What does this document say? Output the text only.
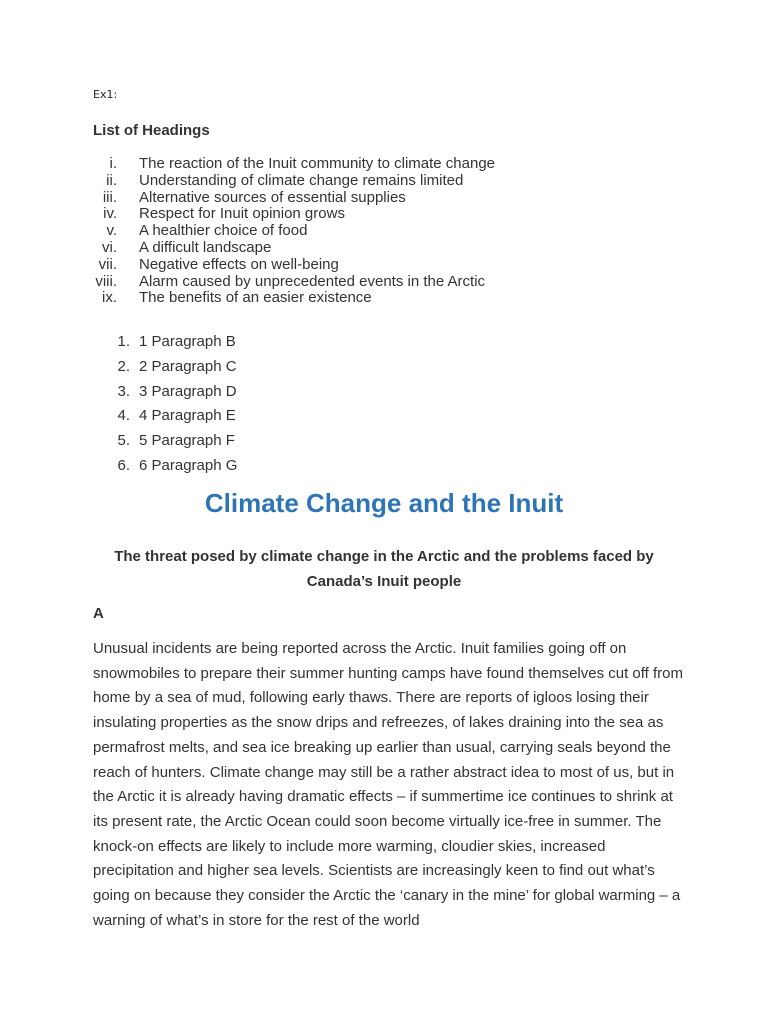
Ex1:
List of Headings
i.	The reaction of the Inuit community to climate change
ii.	Understanding of climate change remains limited
iii.	Alternative sources of essential supplies
iv.	Respect for Inuit opinion grows
v.	A healthier choice of food
vi.	A difficult landscape
vii.	Negative effects on well-being
viii.	Alarm caused by unprecedented events in the Arctic
ix.	The benefits of an easier existence
1. 1 Paragraph B
2. 2 Paragraph C
3. 3 Paragraph D
4. 4 Paragraph E
5. 5 Paragraph F
6. 6 Paragraph G
Climate Change and the Inuit
The threat posed by climate change in the Arctic and the problems faced by Canada’s Inuit people
A

Unusual incidents are being reported across the Arctic. Inuit families going off on snowmobiles to prepare their summer hunting camps have found themselves cut off from home by a sea of mud, following early thaws. There are reports of igloos losing their insulating properties as the snow drips and refreezes, of lakes draining into the sea as permafrost melts, and sea ice breaking up earlier than usual, carrying seals beyond the reach of hunters. Climate change may still be a rather abstract idea to most of us, but in the Arctic it is already having dramatic effects – if summertime ice continues to shrink at its present rate, the Arctic Ocean could soon become virtually ice-free in summer. The knock-on effects are likely to include more warming, cloudier skies, increased precipitation and higher sea levels. Scientists are increasingly keen to find out what’s going on because they consider the Arctic the ‘canary in the mine’ for global warming – a warning of what’s in store for the rest of the world
